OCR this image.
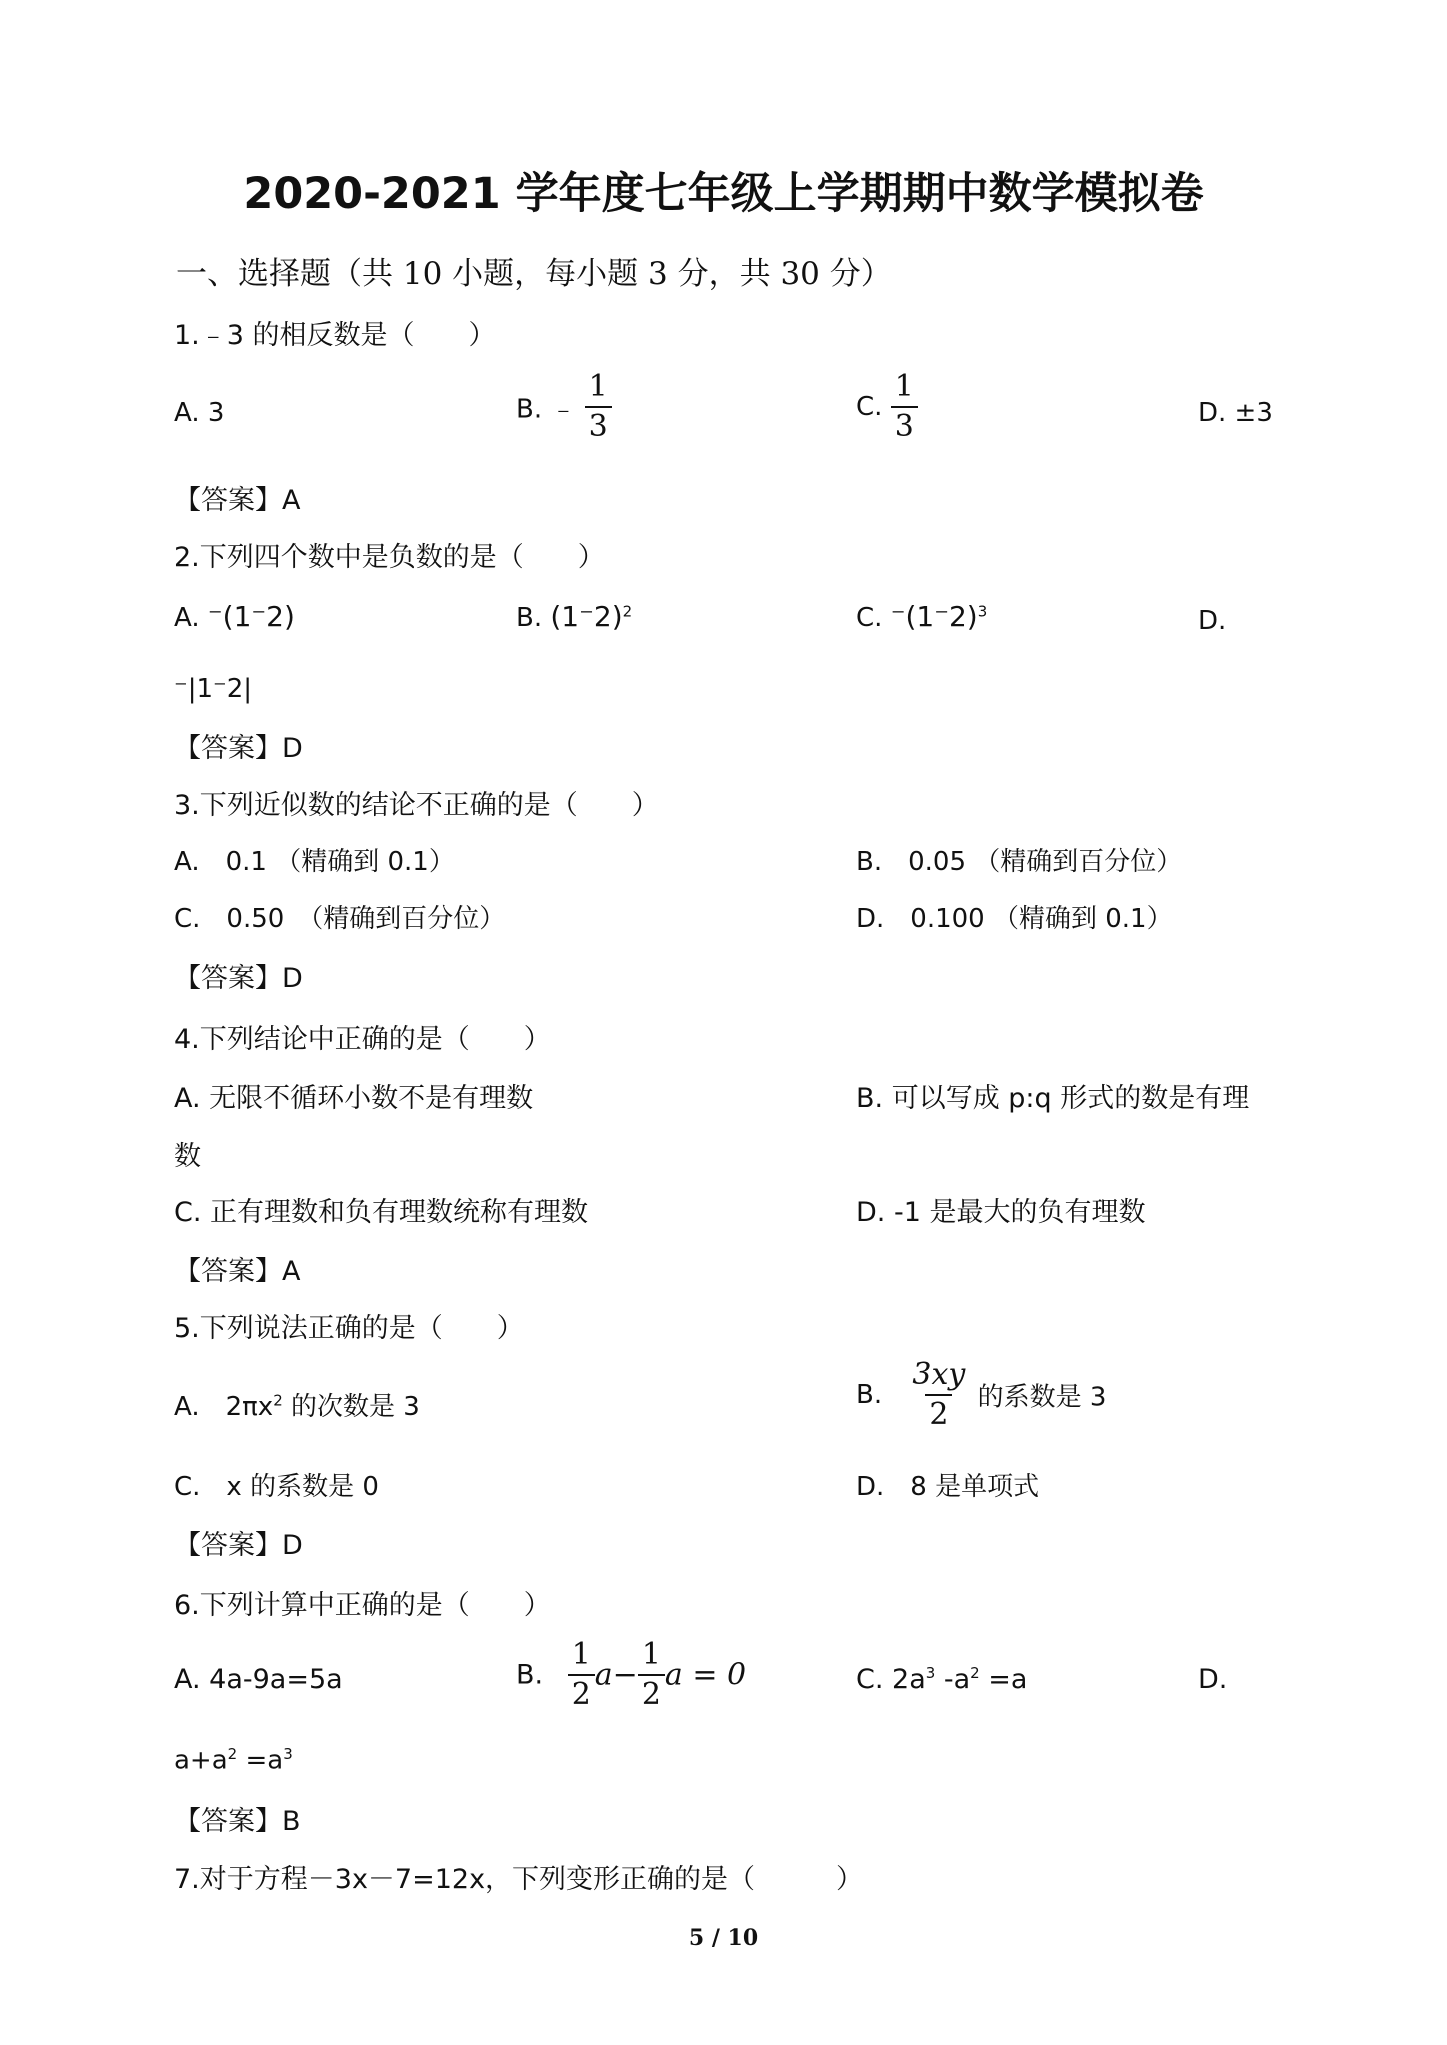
2020-2021 学年度七年级上学期期中数学模拟卷
一、选择题（共 10 小题，每小题 3 分，共 30 分）
1.﹣3 的相反数是（　　）
A. 3	B. ﹣ $\frac{1}{3}$	C. $\frac{1}{3}$	D. ±3
【答案】A
2.下列四个数中是负数的是（　　）
A. ⁻(1⁻2)	B. $(1^-2)^2$	C. $^-(1^-2)^3$	D.
⁻|1⁻2|
【答案】D
3.下列近似数的结论不正确的是（　　）
A.　0.1 （精确到 0.1）	B.　0.05 （精确到百分位）
C.　0.50　（精确到百分位）	D.　0.100 （精确到 0.1）
【答案】D
4.下列结论中正确的是（　　）
A. 无限不循环小数不是有理数	B. 可以写成 p:q 形式的数是有理
数
C. 正有理数和负有理数统称有理数	D. -1 是最大的负有理数
【答案】A
5.下列说法正确的是（　　）
A.　$2\pi x^2$ 的次数是 3	B. $\frac{3xy}{2}$ 的系数是 3
C.　x 的系数是 0	D.　8 是单项式
【答案】D
6.下列计算中正确的是（　　）
A. 4a-9a=5a	B. $\frac{1}{2} a- \frac{1}{2}$ a = 0	C. $2a^3$ $-a^2 =a$	D.
$a+a^2 =a^3$
【答案】B
7.对于方程－3x－7=12x，下列变形正确的是（　　　）
5 / 10
